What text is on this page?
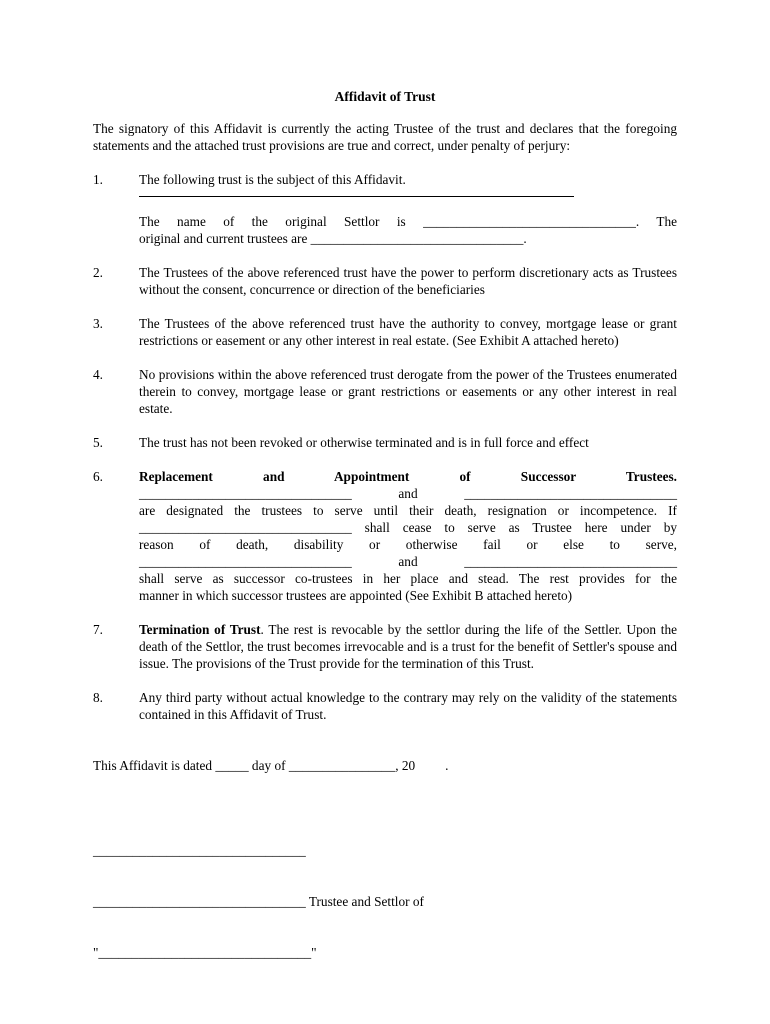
Affidavit of Trust
The signatory of this Affidavit is currently the acting Trustee of the trust and declares that the foregoing statements and the attached trust provisions are true and correct, under penalty of perjury:
1.	The following trust is the subject of this Affidavit.
The name of the original Settlor is ________________________________. The
original and current trustees are ________________________________.
2.	The Trustees of the above referenced trust have the power to perform discretionary acts as Trustees without the consent, concurrence or direction of the beneficiaries
3.	The Trustees of the above referenced trust have the authority to convey, mortgage lease or grant restrictions or easement or any other interest in real estate. (See Exhibit A attached hereto)
4.	No provisions within the above referenced trust derogate from the power of the Trustees enumerated therein to convey, mortgage lease or grant restrictions or easements or any other interest in real estate.
5.	The trust has not been revoked or otherwise terminated and is in full force and effect
6.	Replacement and Appointment of Successor Trustees.
________________________________ and ________________________________
are designated the trustees to serve until their death, resignation or incompetence. If
________________________________ shall cease to serve as Trustee here under by
reason of death, disability or otherwise fail or else to serve,
________________________________ and ________________________________
shall serve as successor co-trustees in her place and stead. The rest provides for the
manner in which successor trustees are appointed (See Exhibit B attached hereto)
7.	Termination of Trust. The rest is revocable by the settlor during the life of the Settler. Upon the death of the Settlor, the trust becomes irrevocable and is a trust for the benefit of Settler's spouse and issue. The provisions of the Trust provide for the termination of this Trust.
8.	Any third party without actual knowledge to the contrary may rely on the validity of the statements contained in this Affidavit of Trust.
This Affidavit is dated _____ day of ________________, 20         .

________________________________

________________________________ Trustee and Settlor of

"________________________________"
